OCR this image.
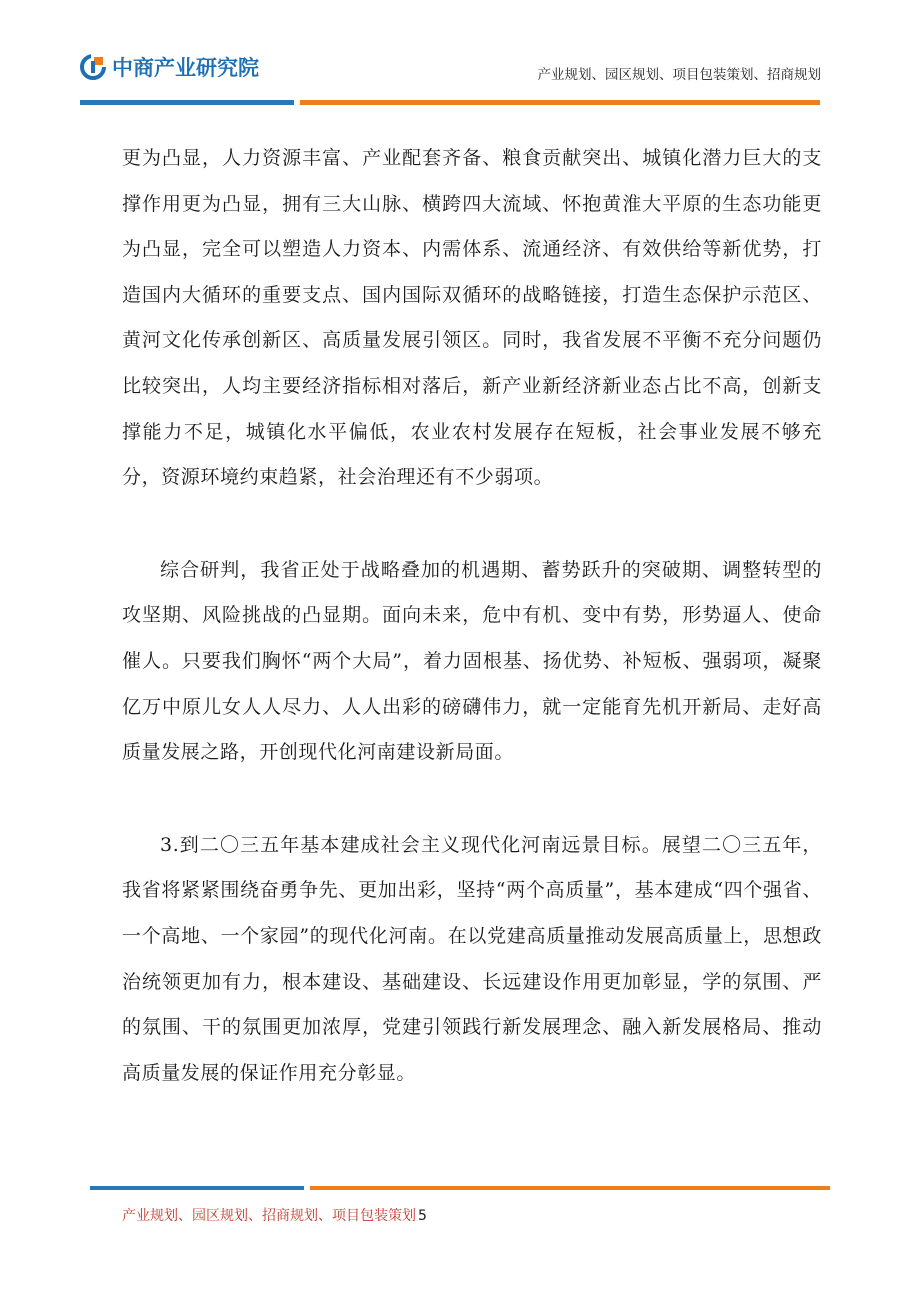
中商产业研究院	产业规划、园区规划、项目包装策划、招商规划

更为凸显，人力资源丰富、产业配套齐备、粮食贡献突出、城镇化潜力巨大的支撑作用更为凸显，拥有三大山脉、横跨四大流域、怀抱黄淮大平原的生态功能更为凸显，完全可以塑造人力资本、内需体系、流通经济、有效供给等新优势，打造国内大循环的重要支点、国内国际双循环的战略链接，打造生态保护示范区、黄河文化传承创新区、高质量发展引领区。同时，我省发展不平衡不充分问题仍比较突出，人均主要经济指标相对落后，新产业新经济新业态占比不高，创新支撑能力不足，城镇化水平偏低，农业农村发展存在短板，社会事业发展不够充分，资源环境约束趋紧，社会治理还有不少弱项。

综合研判，我省正处于战略叠加的机遇期、蓄势跃升的突破期、调整转型的攻坚期、风险挑战的凸显期。面向未来，危中有机、变中有势，形势逼人、使命催人。只要我们胸怀“两个大局”，着力固根基、扬优势、补短板、强弱项，凝聚亿万中原儿女人人尽力、人人出彩的磅礴伟力，就一定能育先机开新局、走好高质量发展之路，开创现代化河南建设新局面。

3.到二〇三五年基本建成社会主义现代化河南远景目标。展望二〇三五年，我省将紧紧围绕奋勇争先、更加出彩，坚持“两个高质量”，基本建成“四个强省、一个高地、一个家园”的现代化河南。在以党建高质量推动发展高质量上，思想政治统领更加有力，根本建设、基础建设、长远建设作用更加彰显，学的氛围、严的氛围、干的氛围更加浓厚，党建引领践行新发展理念、融入新发展格局、推动高质量发展的保证作用充分彰显。

产业规划、园区规划、招商规划、项目包装策划 5
